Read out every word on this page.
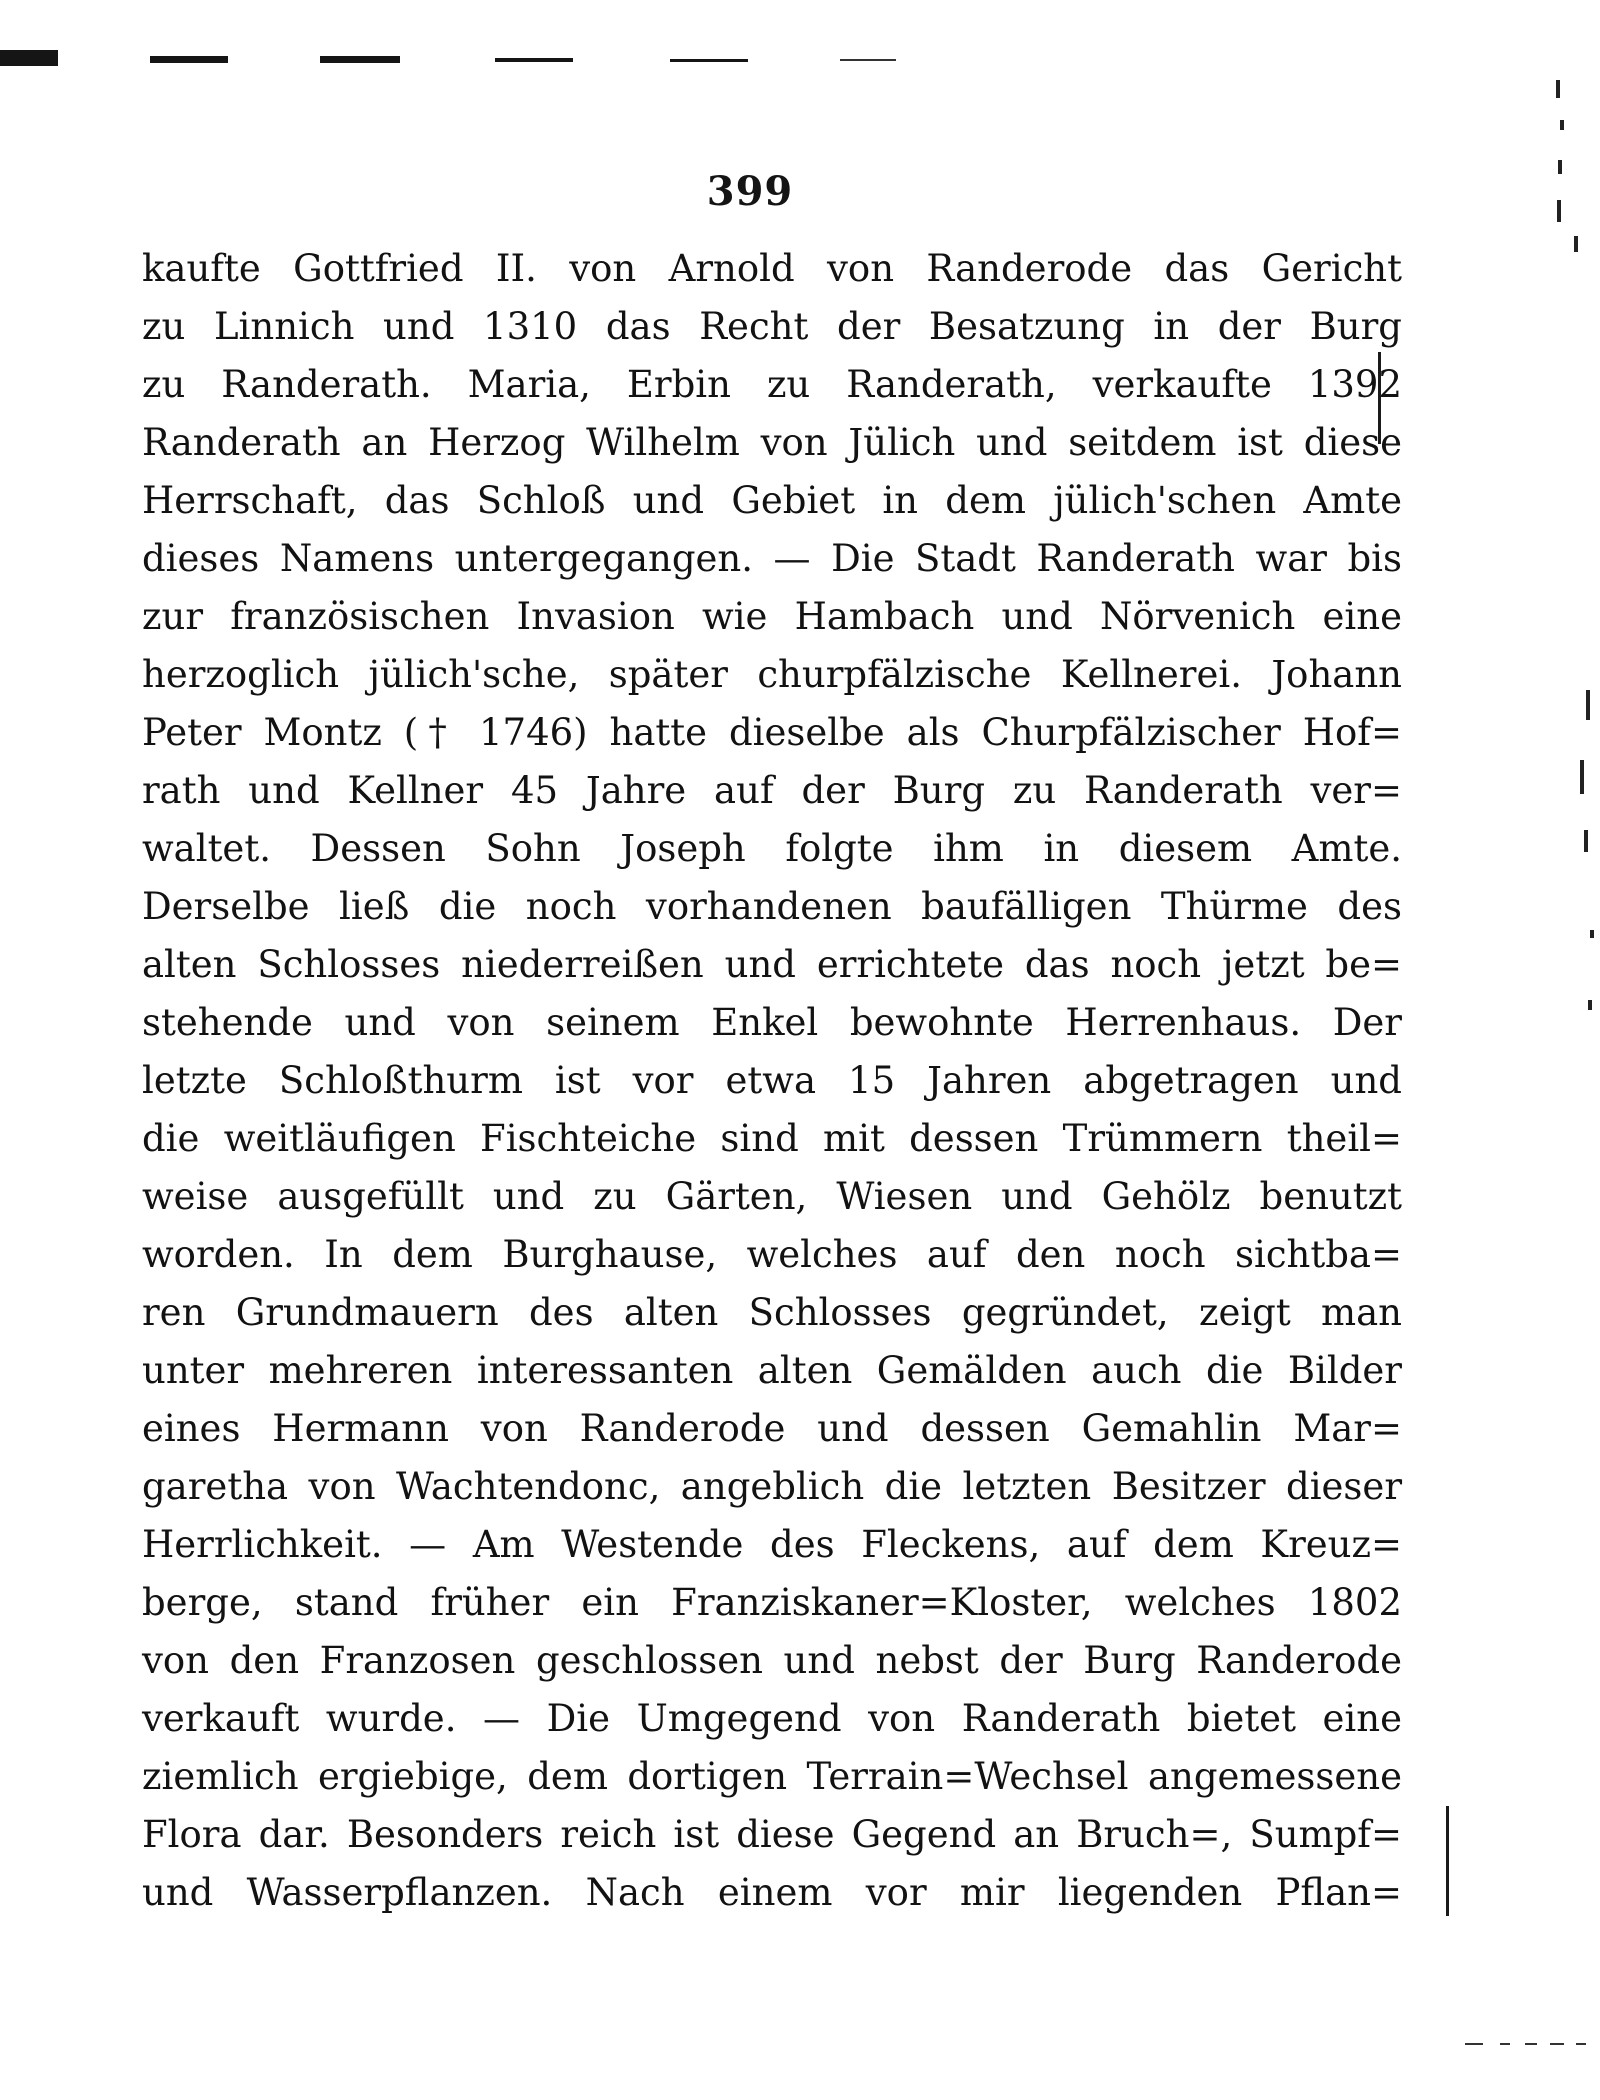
399
kaufte Gottfried II. von Arnold von Randerode das Gericht
zu Linnich und 1310 das Recht der Besatzung in der Burg
zu Randerath. Maria, Erbin zu Randerath, verkaufte 1392
Randerath an Herzog Wilhelm von Jülich und seitdem ist diese
Herrschaft, das Schloß und Gebiet in dem jülich'schen Amte
dieses Namens untergegangen. — Die Stadt Randerath war bis
zur französischen Invasion wie Hambach und Nörvenich eine
herzoglich jülich'sche, später churpfälzische Kellnerei. Johann
Peter Montz († 1746) hatte dieselbe als Churpfälzischer Hof=
rath und Kellner 45 Jahre auf der Burg zu Randerath ver=
waltet. Dessen Sohn Joseph folgte ihm in diesem Amte.
Derselbe ließ die noch vorhandenen baufälligen Thürme des
alten Schlosses niederreißen und errichtete das noch jetzt be=
stehende und von seinem Enkel bewohnte Herrenhaus. Der
letzte Schloßthurm ist vor etwa 15 Jahren abgetragen und
die weitläufigen Fischteiche sind mit dessen Trümmern theil=
weise ausgefüllt und zu Gärten, Wiesen und Gehölz benutzt
worden. In dem Burghause, welches auf den noch sichtba=
ren Grundmauern des alten Schlosses gegründet, zeigt man
unter mehreren interessanten alten Gemälden auch die Bilder
eines Hermann von Randerode und dessen Gemahlin Mar=
garetha von Wachtendonc, angeblich die letzten Besitzer dieser
Herrlichkeit. — Am Westende des Fleckens, auf dem Kreuz=
berge, stand früher ein Franziskaner=Kloster, welches 1802
von den Franzosen geschlossen und nebst der Burg Randerode
verkauft wurde. — Die Umgegend von Randerath bietet eine
ziemlich ergiebige, dem dortigen Terrain=Wechsel angemessene
Flora dar. Besonders reich ist diese Gegend an Bruch=, Sumpf=
und Wasserpflanzen. Nach einem vor mir liegenden Pflan=
